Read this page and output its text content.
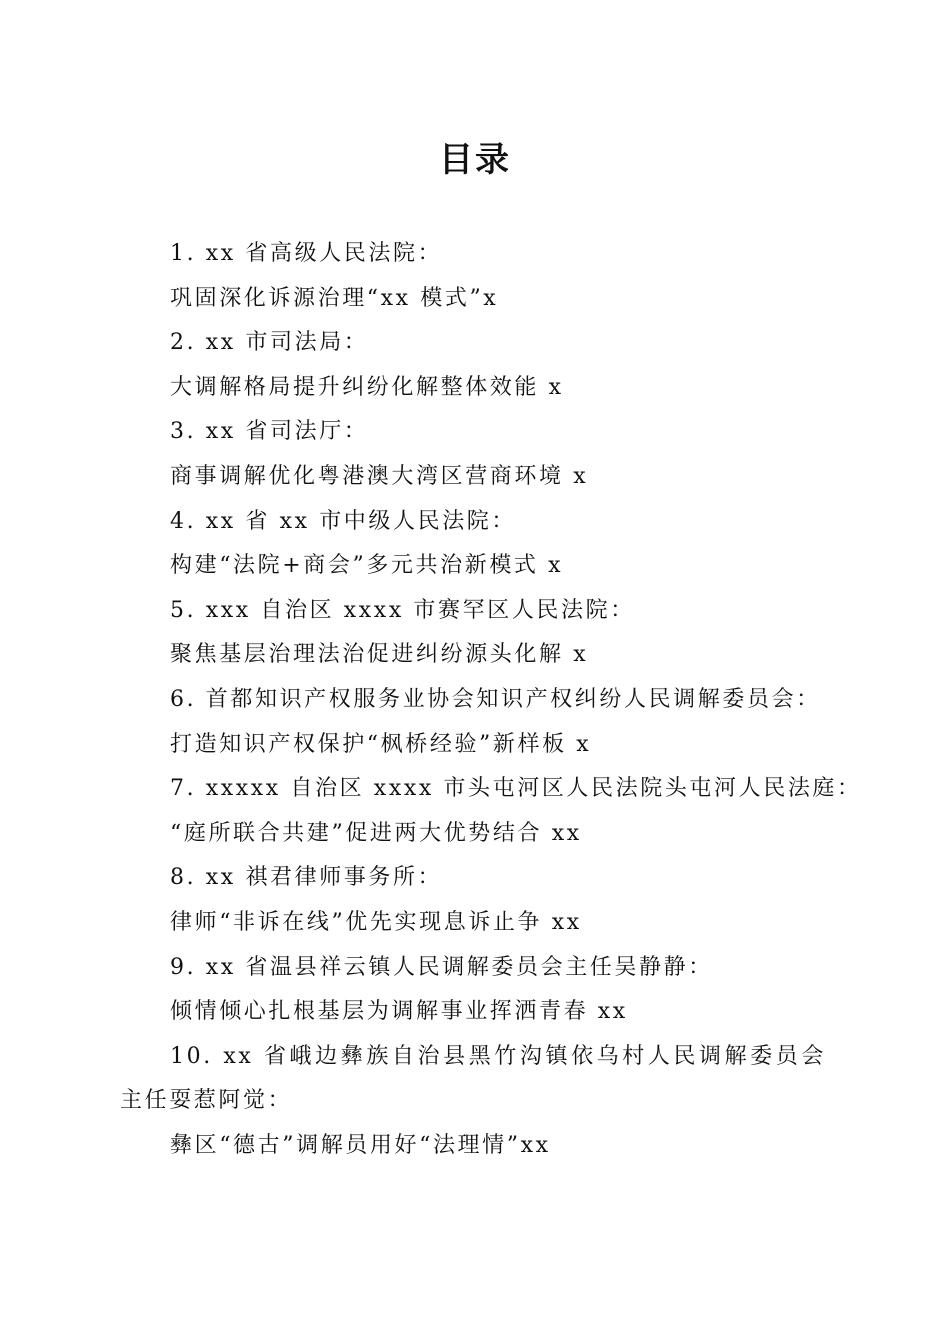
目录
1. xx 省高级人民法院：
巩固深化诉源治理“xx 模式”x
2. xx 市司法局：
大调解格局提升纠纷化解整体效能 x
3. xx 省司法厅：
商事调解优化粤港澳大湾区营商环境 x
4. xx 省 xx 市中级人民法院：
构建“法院+商会”多元共治新模式 x
5. xxx 自治区 xxxx 市赛罕区人民法院：
聚焦基层治理法治促进纠纷源头化解 x
6. 首都知识产权服务业协会知识产权纠纷人民调解委员会：
打造知识产权保护“枫桥经验”新样板 x
7. xxxxx 自治区 xxxx 市头屯河区人民法院头屯河人民法庭：
“庭所联合共建”促进两大优势结合 xx
8. xx 祺君律师事务所：
律师“非诉在线”优先实现息诉止争 xx
9. xx 省温县祥云镇人民调解委员会主任吴静静：
倾情倾心扎根基层为调解事业挥洒青春 xx
10. xx 省峨边彝族自治县黑竹沟镇依乌村人民调解委员会主任耍惹阿觉：
彝区“德古”调解员用好“法理情”xx
